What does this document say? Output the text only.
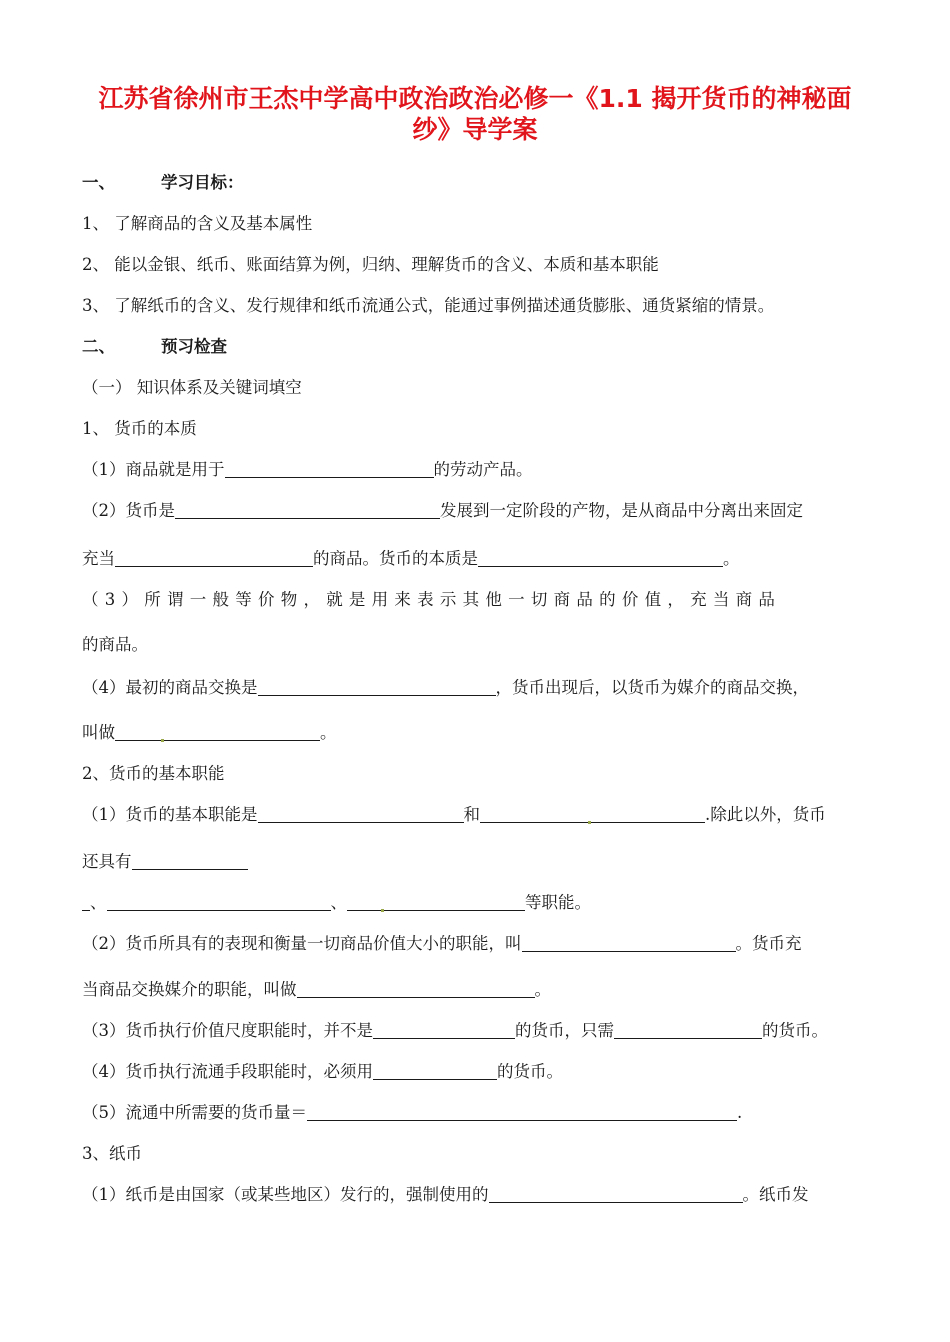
江苏省徐州市王杰中学高中政治政治必修一《1.1 揭开货币的神秘面
纱》导学案
一、	学习目标：
1、 了解商品的含义及基本属性
2、 能以金银、纸币、账面结算为例，归纳、理解货币的含义、本质和基本职能
3、 了解纸币的含义、发行规律和纸币流通公式，能通过事例描述通货膨胀、通货紧缩的情景。
二、	预习检查
（一） 知识体系及关键词填空
1、 货币的本质
（1）商品就是用于	的劳动产品。
（2）货币是	发展到一定阶段的产物，是从商品中分离出来固定
充当	的商品。货币的本质是	。
（ 3 ） 所 谓 一 般 等 价 物 ， 就 是 用 来 表 示 其 他 一 切 商 品 的 价 值 ， 充 当 商 品
的商品。
（4）最初的商品交换是	，货币出现后，以货币为媒介的商品交换，
叫做	。
2、货币的基本职能
（1）货币的基本职能是	和	.除此以外，货币
还具有
、	、	等职能。
（2）货币所具有的表现和衡量一切商品价值大小的职能，叫	。货币充
当商品交换媒介的职能，叫做	。
（3）货币执行价值尺度职能时，并不是	的货币，只需	的货币。
（4）货币执行流通手段职能时，必须用	的货币。
（5）流通中所需要的货币量＝	.
3、纸币
（1）纸币是由国家（或某些地区）发行的，强制使用的	。纸币发
